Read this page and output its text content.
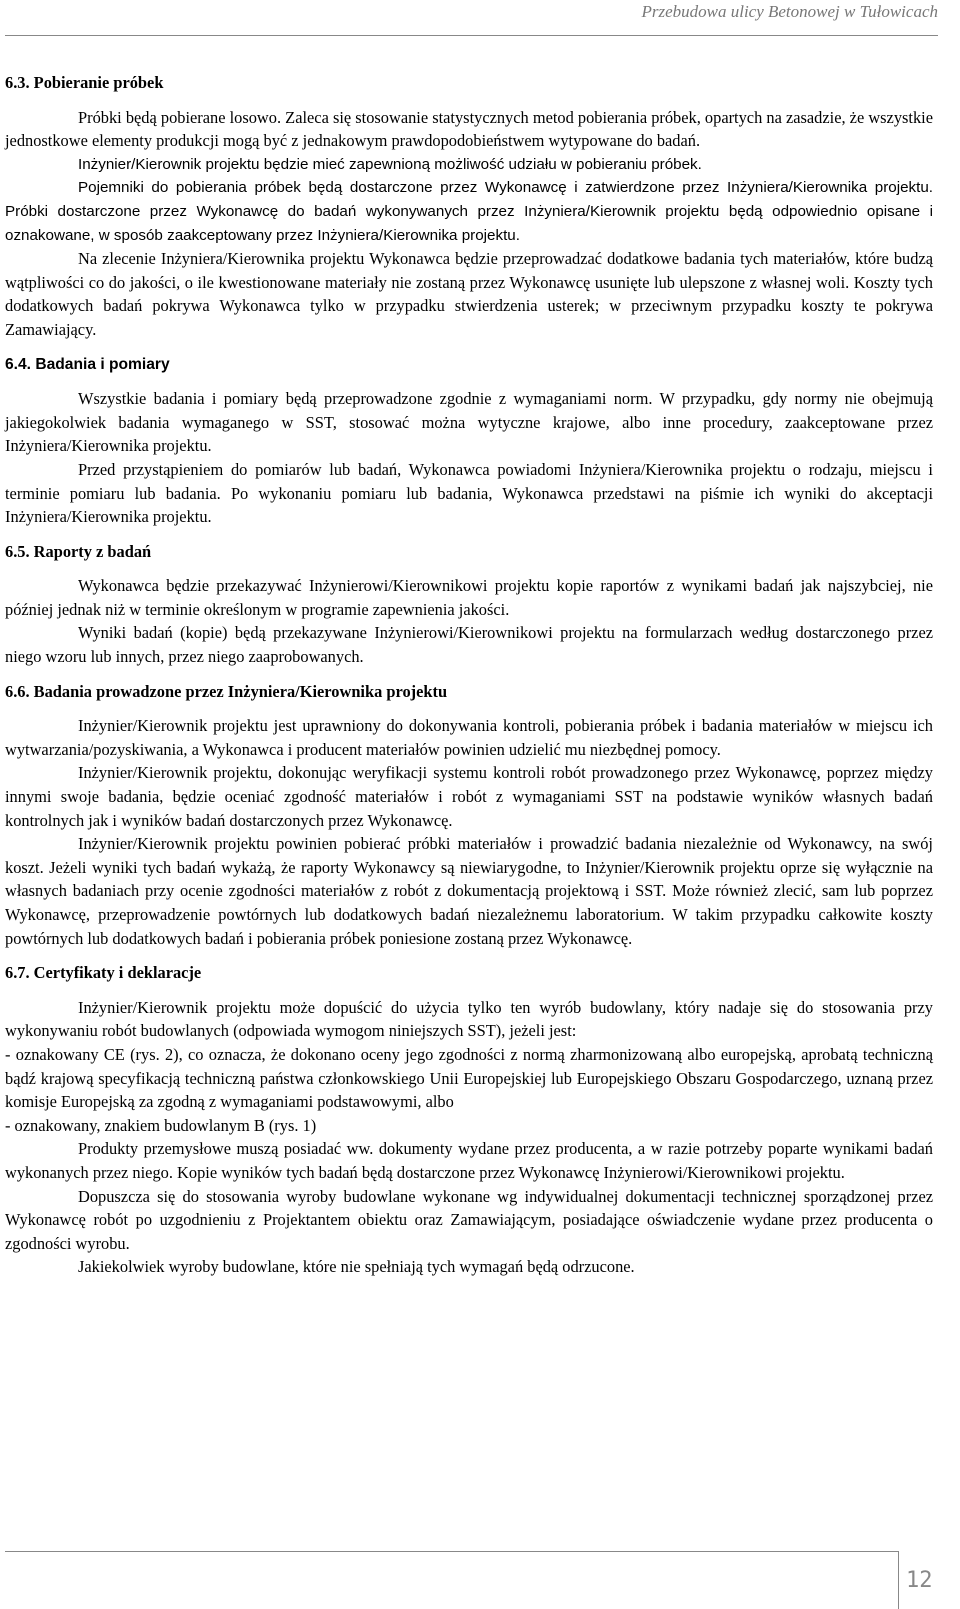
Przebudowa ulicy Betonowej w Tułowicach
6.3. Pobieranie próbek

Próbki będą pobierane losowo. Zaleca się stosowanie statystycznych metod pobierania próbek, opartych na zasadzie, że wszystkie jednostkowe elementy produkcji mogą być z jednakowym prawdopodobieństwem wytypowane do badań.

Inżynier/Kierownik projektu będzie mieć zapewnioną możliwość udziału w pobieraniu próbek.

Pojemniki do pobierania próbek będą dostarczone przez Wykonawcę i zatwierdzone przez Inżyniera/Kierownika projektu. Próbki dostarczone przez Wykonawcę do badań wykonywanych przez Inżyniera/Kierownik projektu będą odpowiednio opisane i oznakowane, w sposób zaakceptowany przez Inżyniera/Kierownika projektu.

Na zlecenie Inżyniera/Kierownika projektu Wykonawca będzie przeprowadzać dodatkowe badania tych materiałów, które budzą wątpliwości co do jakości, o ile kwestionowane materiały nie zostaną przez Wykonawcę usunięte lub ulepszone z własnej woli. Koszty tych dodatkowych badań pokrywa Wykonawca tylko w przypadku stwierdzenia usterek; w przeciwnym przypadku koszty te pokrywa Zamawiający.

6.4. Badania i pomiary

Wszystkie badania i pomiary będą przeprowadzone zgodnie z wymaganiami norm. W przypadku, gdy normy nie obejmują jakiegokolwiek badania wymaganego w SST, stosować można wytyczne krajowe, albo inne procedury, zaakceptowane przez Inżyniera/Kierownika projektu.

Przed przystąpieniem do pomiarów lub badań, Wykonawca powiadomi Inżyniera/Kierownika projektu o rodzaju, miejscu i terminie pomiaru lub badania. Po wykonaniu pomiaru lub badania, Wykonawca przedstawi na piśmie ich wyniki do akceptacji Inżyniera/Kierownika projektu.

6.5. Raporty z badań

Wykonawca będzie przekazywać Inżynierowi/Kierownikowi projektu kopie raportów z wynikami badań jak najszybciej, nie później jednak niż w terminie określonym w programie zapewnienia jakości.

Wyniki badań (kopie) będą przekazywane Inżynierowi/Kierownikowi projektu na formularzach według dostarczonego przez niego wzoru lub innych, przez niego zaaprobowanych.

6.6. Badania prowadzone przez Inżyniera/Kierownika projektu

Inżynier/Kierownik projektu jest uprawniony do dokonywania kontroli, pobierania próbek i badania materiałów w miejscu ich wytwarzania/pozyskiwania, a Wykonawca i producent materiałów powinien udzielić mu niezbędnej pomocy.

Inżynier/Kierownik projektu, dokonując weryfikacji systemu kontroli robót prowadzonego przez Wykonawcę, poprzez między innymi swoje badania, będzie oceniać zgodność materiałów i robót z wymaganiami SST na podstawie wyników własnych badań kontrolnych jak i wyników badań dostarczonych przez Wykonawcę.

Inżynier/Kierownik projektu powinien pobierać próbki materiałów i prowadzić badania niezależnie od Wykonawcy, na swój koszt. Jeżeli wyniki tych badań wykażą, że raporty Wykonawcy są niewiarygodne, to Inżynier/Kierownik projektu oprze się wyłącznie na własnych badaniach przy ocenie zgodności materiałów z robót z dokumentacją projektową i SST. Może również zlecić, sam lub poprzez Wykonawcę, przeprowadzenie powtórnych lub dodatkowych badań niezależnemu laboratorium. W takim przypadku całkowite koszty powtórnych lub dodatkowych badań i pobierania próbek poniesione zostaną przez Wykonawcę.

6.7. Certyfikaty i deklaracje

Inżynier/Kierownik projektu może dopuścić do użycia tylko ten wyrób budowlany, który nadaje się do stosowania przy wykonywaniu robót budowlanych (odpowiada wymogom niniejszych SST), jeżeli jest:

- oznakowany CE (rys. 2), co oznacza, że dokonano oceny jego zgodności z normą zharmonizowaną albo europejską, aprobatą techniczną bądź krajową specyfikacją techniczną państwa członkowskiego Unii Europejskiej lub Europejskiego Obszaru Gospodarczego, uznaną przez komisje Europejską za zgodną z wymaganiami podstawowymi, albo

- oznakowany, znakiem budowlanym B (rys. 1)

Produkty przemysłowe muszą posiadać ww. dokumenty wydane przez producenta, a w razie potrzeby poparte wynikami badań wykonanych przez niego. Kopie wyników tych badań będą dostarczone przez Wykonawcę Inżynierowi/Kierownikowi projektu.

Dopuszcza się do stosowania wyroby budowlane wykonane wg indywidualnej dokumentacji technicznej sporządzonej przez Wykonawcę robót po uzgodnieniu z Projektantem obiektu oraz Zamawiającym, posiadające oświadczenie wydane przez producenta o zgodności wyrobu.

Jakiekolwiek wyroby budowlane, które nie spełniają tych wymagań będą odrzucone.

12
